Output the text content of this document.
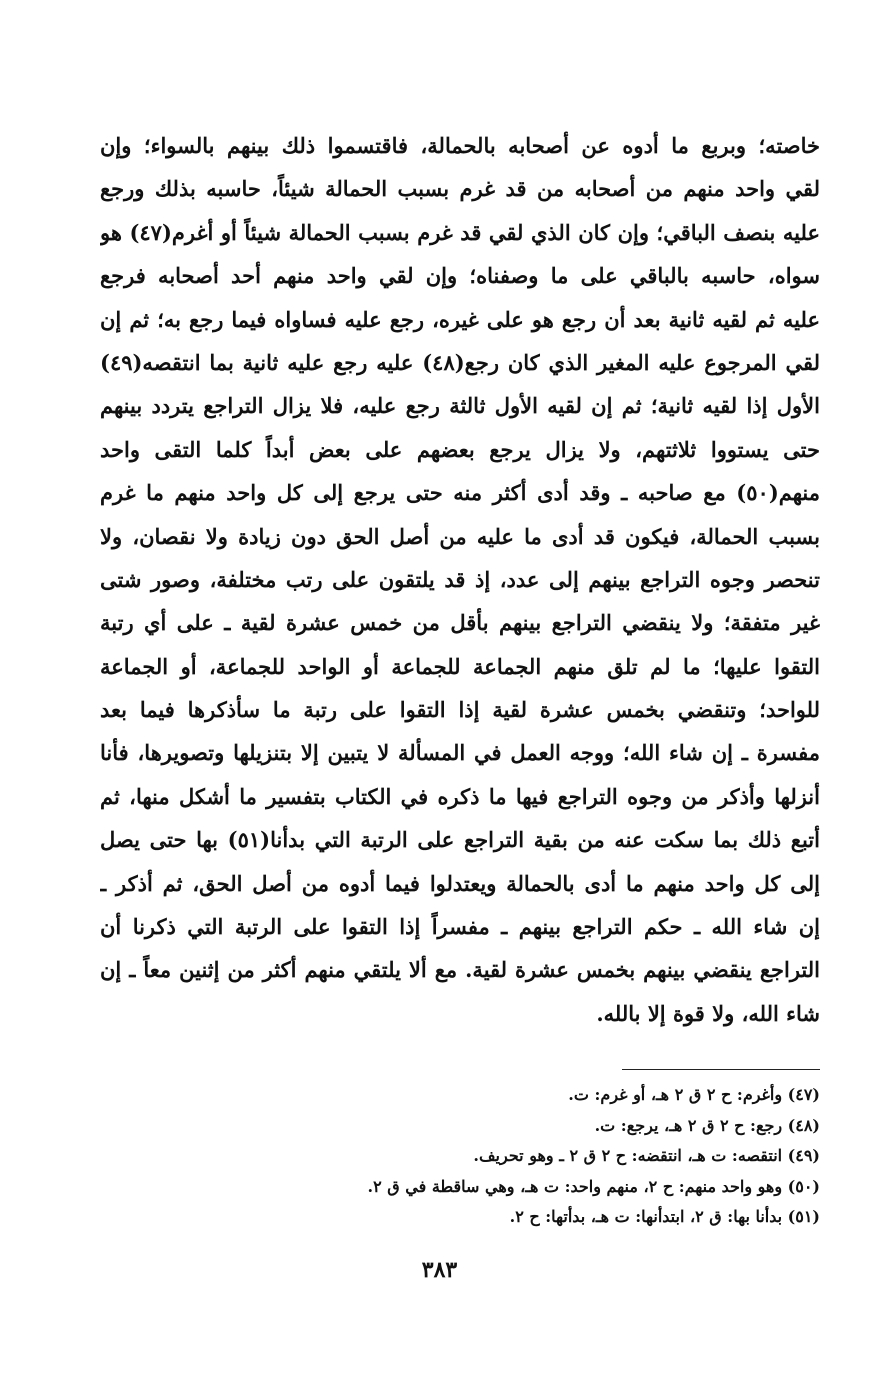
خاصته؛ وبربع ما أدوه عن أصحابه بالحمالة، فاقتسموا ذلك بينهم بالسواء؛ وإن
لقي واحد منهم من أصحابه من قد غرم بسبب الحمالة شيئاً، حاسبه بذلك ورجع
عليه بنصف الباقي؛ وإن كان الذي لقي قد غرم بسبب الحمالة شيئاً أو أغرم(٤٧) هو
سواه، حاسبه بالباقي على ما وصفناه؛ وإن لقي واحد منهم أحد أصحابه فرجع
عليه ثم لقيه ثانية بعد أن رجع هو على غيره، رجع عليه فساواه فيما رجع به؛ ثم إن
لقي المرجوع عليه المغير الذي كان رجع(٤٨) عليه رجع عليه ثانية بما انتقصه(٤٩)
الأول إذا لقيه ثانية؛ ثم إن لقيه الأول ثالثة رجع عليه، فلا يزال التراجع يتردد بينهم
حتى يستووا ثلاثتهم، ولا يزال يرجع بعضهم على بعض أبداً كلما التقى واحد
منهم(٥٠) مع صاحبه ـ وقد أدى أكثر منه حتى يرجع إلى كل واحد منهم ما غرم
بسبب الحمالة، فيكون قد أدى ما عليه من أصل الحق دون زيادة ولا نقصان، ولا
تنحصر وجوه التراجع بينهم إلى عدد، إذ قد يلتقون على رتب مختلفة، وصور شتى
غير متفقة؛ ولا ينقضي التراجع بينهم بأقل من خمس عشرة لقية ـ على أي رتبة
التقوا عليها؛ ما لم تلق منهم الجماعة للجماعة أو الواحد للجماعة، أو الجماعة
للواحد؛ وتنقضي بخمس عشرة لقية إذا التقوا على رتبة ما سأذكرها فيما بعد
مفسرة ـ إن شاء الله؛ ووجه العمل في المسألة لا يتبين إلا بتنزيلها وتصويرها، فأنا
أنزلها وأذكر من وجوه التراجع فيها ما ذكره في الكتاب بتفسير ما أشكل منها، ثم
أتبع ذلك بما سكت عنه من بقية التراجع على الرتبة التي بدأنا(٥١) بها حتى يصل
إلى كل واحد منهم ما أدى بالحمالة ويعتدلوا فيما أدوه من أصل الحق، ثم أذكر ـ
إن شاء الله ـ حكم التراجع بينهم ـ مفسراً إذا التقوا على الرتبة التي ذكرنا أن
التراجع ينقضي بينهم بخمس عشرة لقية. مع ألا يلتقي منهم أكثر من إثنين معاً ـ إن
شاء الله، ولا قوة إلا بالله.
(٤٧) وأغرم: ح ٢ ق ٢ هـ، أو غرم: ت.
(٤٨) رجع: ح ٢ ق ٢ هـ، يرجع: ت.
(٤٩) انتقصه: ت هـ، انتقضه: ح ٢ ق ٢ ـ وهو تحريف.
(٥٠) وهو واحد منهم: ح ٢، منهم واحد: ت هـ، وهي ساقطة في ق ٢.
(٥١) بدأنا بها: ق ٢، ابتدأنها: ت هـ، بدأتها: ح ٢.
٣٨٣
